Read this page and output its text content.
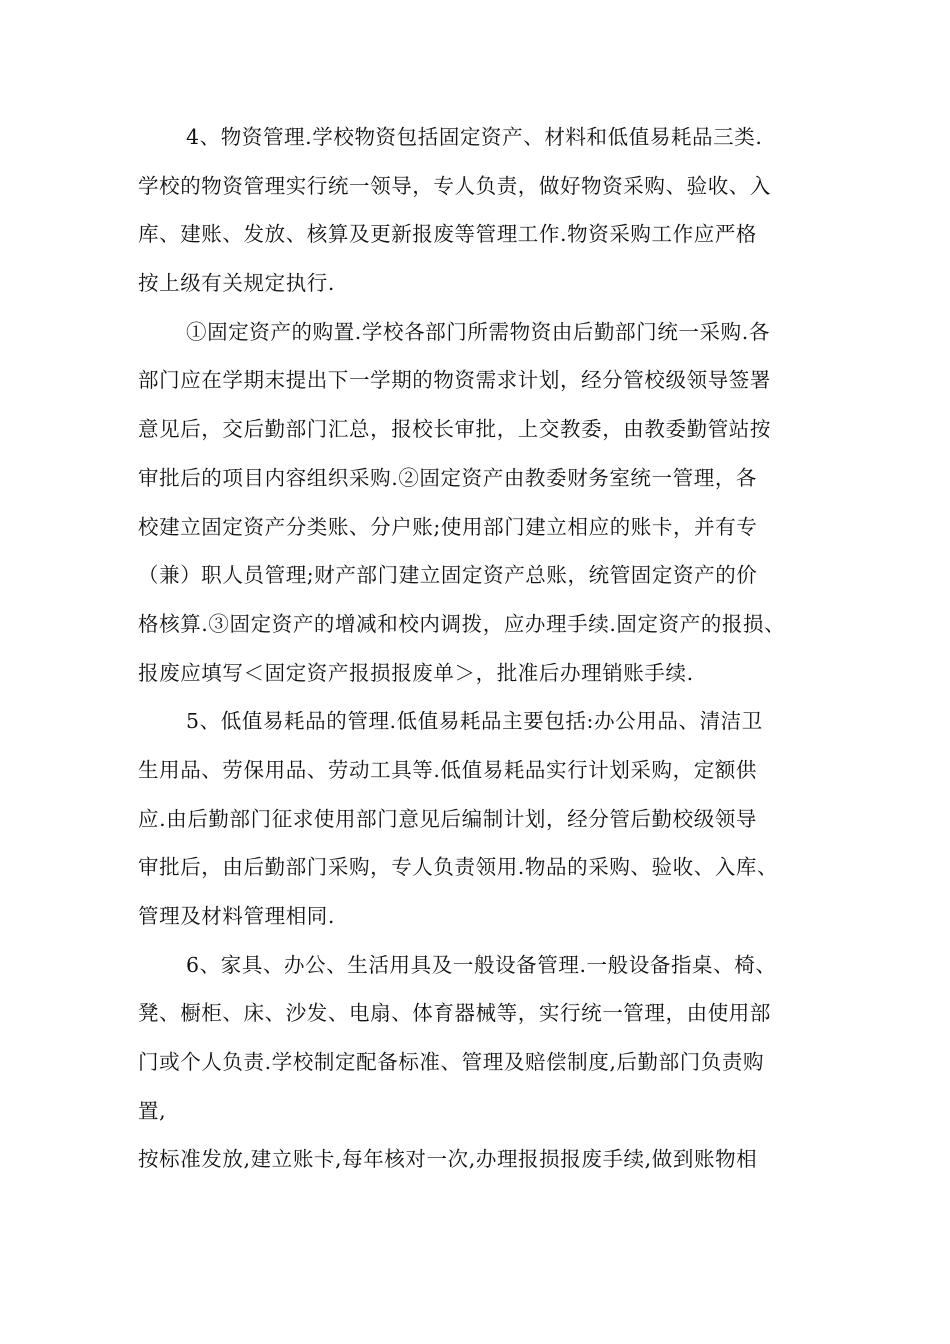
4、物资管理.学校物资包括固定资产、材料和低值易耗品三类.
学校的物资管理实行统一领导，专人负责，做好物资采购、验收、入
库、建账、发放、核算及更新报废等管理工作.物资采购工作应严格
按上级有关规定执行.
①固定资产的购置.学校各部门所需物资由后勤部门统一采购.各
部门应在学期末提出下一学期的物资需求计划，经分管校级领导签署
意见后，交后勤部门汇总，报校长审批，上交教委，由教委勤管站按
审批后的项目内容组织采购.②固定资产由教委财务室统一管理，各
校建立固定资产分类账、分户账;使用部门建立相应的账卡，并有专
（兼）职人员管理;财产部门建立固定资产总账，统管固定资产的价
格核算.③固定资产的增减和校内调拨，应办理手续.固定资产的报损、
报废应填写＜固定资产报损报废单＞，批准后办理销账手续.
5、低值易耗品的管理.低值易耗品主要包括:办公用品、清洁卫
生用品、劳保用品、劳动工具等.低值易耗品实行计划采购，定额供
应.由后勤部门征求使用部门意见后编制计划，经分管后勤校级领导
审批后，由后勤部门采购，专人负责领用.物品的采购、验收、入库、
管理及材料管理相同.
6、家具、办公、生活用具及一般设备管理.一般设备指桌、椅、
凳、橱柜、床、沙发、电扇、体育器械等，实行统一管理，由使用部
门或个人负责.学校制定配备标准、管理及赔偿制度,后勤部门负责购
置,
按标准发放,建立账卡,每年核对一次,办理报损报废手续,做到账物相
